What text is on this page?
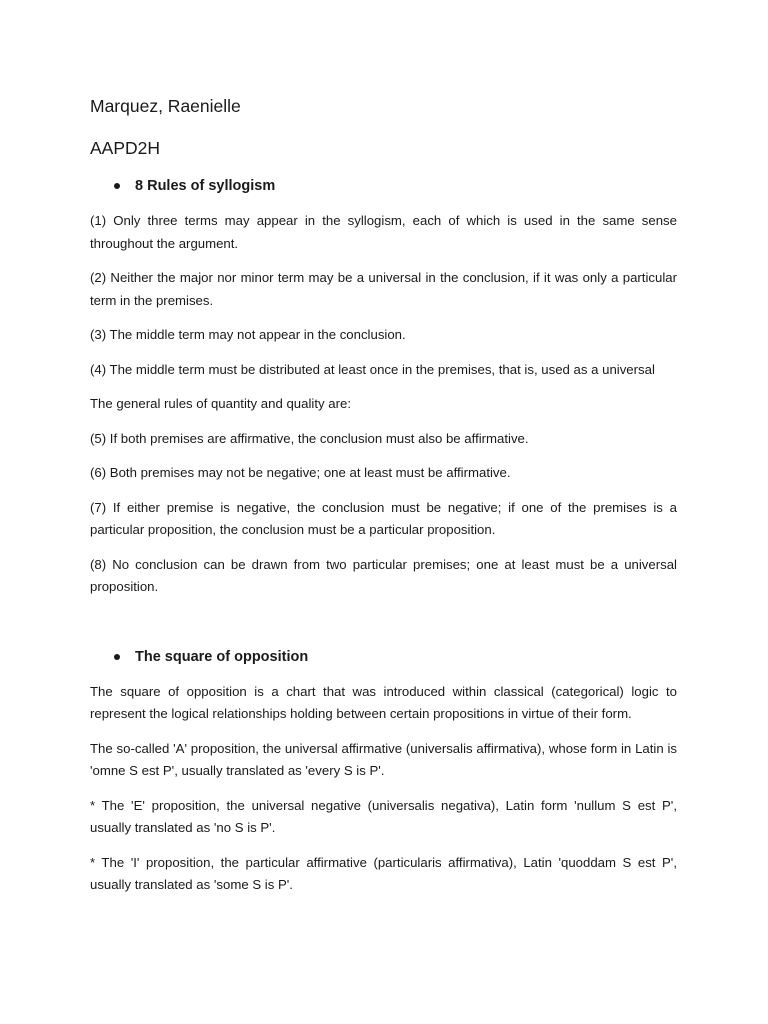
Marquez, Raenielle

AAPD2H

8 Rules of syllogism

(1) Only three terms may appear in the syllogism, each of which is used in the same sense throughout the argument.

(2) Neither the major nor minor term may be a universal in the conclusion, if it was only a particular term in the premises.

(3) The middle term may not appear in the conclusion.

(4) The middle term must be distributed at least once in the premises, that is, used as a universal

The general rules of quantity and quality are:

(5) If both premises are affirmative, the conclusion must also be affirmative.

(6) Both premises may not be negative; one at least must be affirmative.

(7) If either premise is negative, the conclusion must be negative; if one of the premises is a particular proposition, the conclusion must be a particular proposition.

(8) No conclusion can be drawn from two particular premises; one at least must be a universal proposition.

The square of opposition

The square of opposition is a chart that was introduced within classical (categorical) logic to represent the logical relationships holding between certain propositions in virtue of their form.

The so-called 'A' proposition, the universal affirmative (universalis affirmativa), whose form in Latin is 'omne S est P', usually translated as 'every S is P'.

* The 'E' proposition, the universal negative (universalis negativa), Latin form 'nullum S est P', usually translated as 'no S is P'.

* The 'I' proposition, the particular affirmative (particularis affirmativa), Latin 'quoddam S est P', usually translated as 'some S is P'.
